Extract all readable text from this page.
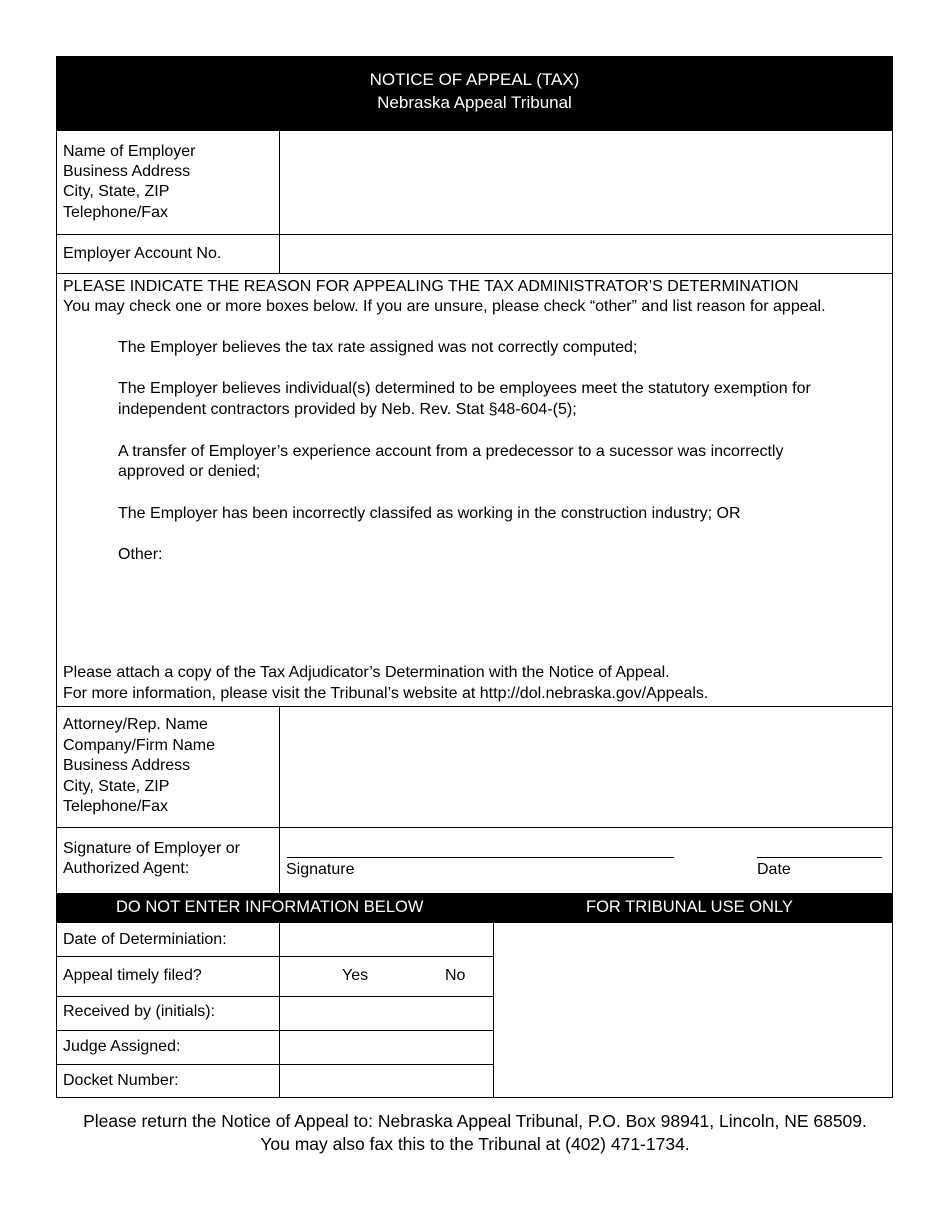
NOTICE OF APPEAL (TAX)
Nebraska Appeal Tribunal
Name of Employer
Business Address
City, State, ZIP
Telephone/Fax
Employer Account No.
PLEASE INDICATE THE REASON FOR APPEALING THE TAX ADMINISTRATOR’S DETERMINATION
You may check one or more boxes below. If you are unsure, please check “other” and list reason for appeal.
The Employer believes the tax rate assigned was not correctly computed;
The Employer believes individual(s) determined to be employees meet the statutory exemption for
independent contractors provided by Neb. Rev. Stat §48-604-(5);
A transfer of Employer’s experience account from a predecessor to a sucessor was incorrectly
approved or denied;
The Employer has been incorrectly classifed as working in the construction industry; OR
Other:
Please attach a copy of the Tax Adjudicator’s Determination with the Notice of Appeal.
For more information, please visit the Tribunal’s website at http://dol.nebraska.gov/Appeals.
Attorney/Rep. Name
Company/Firm Name
Business Address
City, State, ZIP
Telephone/Fax
Signature of Employer or
Authorized Agent:	Signature	Date
DO NOT ENTER INFORMATION BELOW	FOR TRIBUNAL USE ONLY
Date of Determiniation:
Appeal timely filed?	Yes	No
Received by (initials):
Judge Assigned:
Docket Number:
Please return the Notice of Appeal to: Nebraska Appeal Tribunal, P.O. Box 98941, Lincoln, NE 68509.
You may also fax this to the Tribunal at (402) 471-1734.
